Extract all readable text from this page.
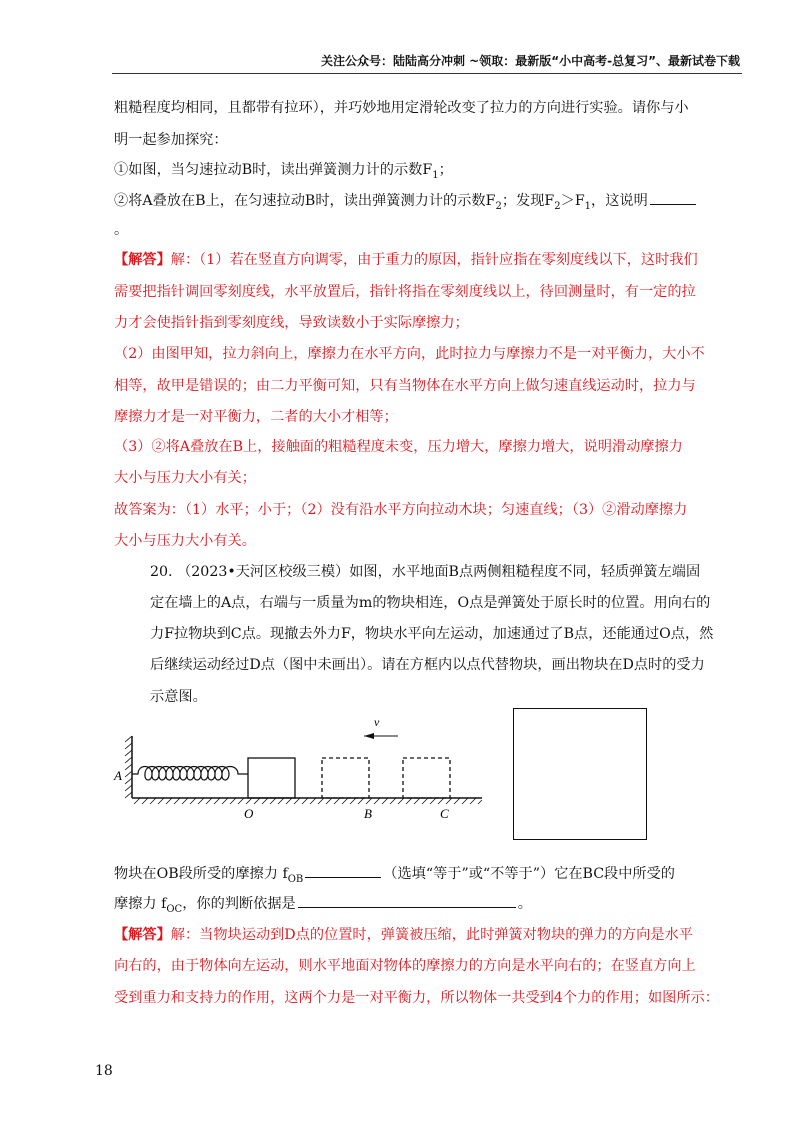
关注公众号：陆陆高分冲刺 ~领取：最新版“小中高考-总复习”、最新试卷下载
粗糙程度均相同，且都带有拉环），并巧妙地用定滑轮改变了拉力的方向进行实验。请你与小
明一起参加探究：
①如图，当匀速拉动B时，读出弹簧测力计的示数$F_1$；
②将A叠放在B上，在匀速拉动B时，读出弹簧测力计的示数$F_2$；发现$F_2>F_1$，这说明
。
【解答】解：（1）若在竖直方向调零，由于重力的原因，指针应指在零刻度线以下，这时我们
需要把指针调回零刻度线，水平放置后，指针将指在零刻度线以上，待回测量时，有一定的拉
力才会使指针指到零刻度线，导致读数小于实际摩擦力；
（2）由图甲知，拉力斜向上，摩擦力在水平方向，此时拉力与摩擦力不是一对平衡力，大小不
相等，故甲是错误的；由二力平衡可知，只有当物体在水平方向上做匀速直线运动时，拉力与
摩擦力才是一对平衡力，二者的大小才相等；
（3）②将A叠放在B上，接触面的粗糙程度未变，压力增大，摩擦力增大，说明滑动摩擦力
大小与压力大小有关；
故答案为：（1）水平；小于；（2）没有沿水平方向拉动木块；匀速直线；（3）②滑动摩擦力
大小与压力大小有关。
20. （2023•天河区校级三模）如图，水平地面B点两侧粗糙程度不同，轻质弹簧左端固
定在墙上的A点，右端与一质量为m的物块相连，O点是弹簧处于原长时的位置。用向右的
力F拉物块到C点。现撤去外力F，物块水平向左运动，加速通过了B点，还能通过O点，然
后继续运动经过D点（图中未画出）。请在方框内以点代替物块，画出物块在D点时的受力
示意图。
物块在OB段所受的摩擦力 $f_{OB}$	（选填“等于”或“不等于”）它在BC段中所受的
摩擦力 $f_{OC}$，你的判断依据是	。
【解答】解：当物块运动到D点的位置时，弹簧被压缩，此时弹簧对物块的弹力的方向是水平
向右的，由于物体向左运动，则水平地面对物体的摩擦力的方向是水平向右的；在竖直方向上
受到重力和支持力的作用，这两个力是一对平衡力，所以物体一共受到4个力的作用；如图所示：
A
v
O	B	C
18
